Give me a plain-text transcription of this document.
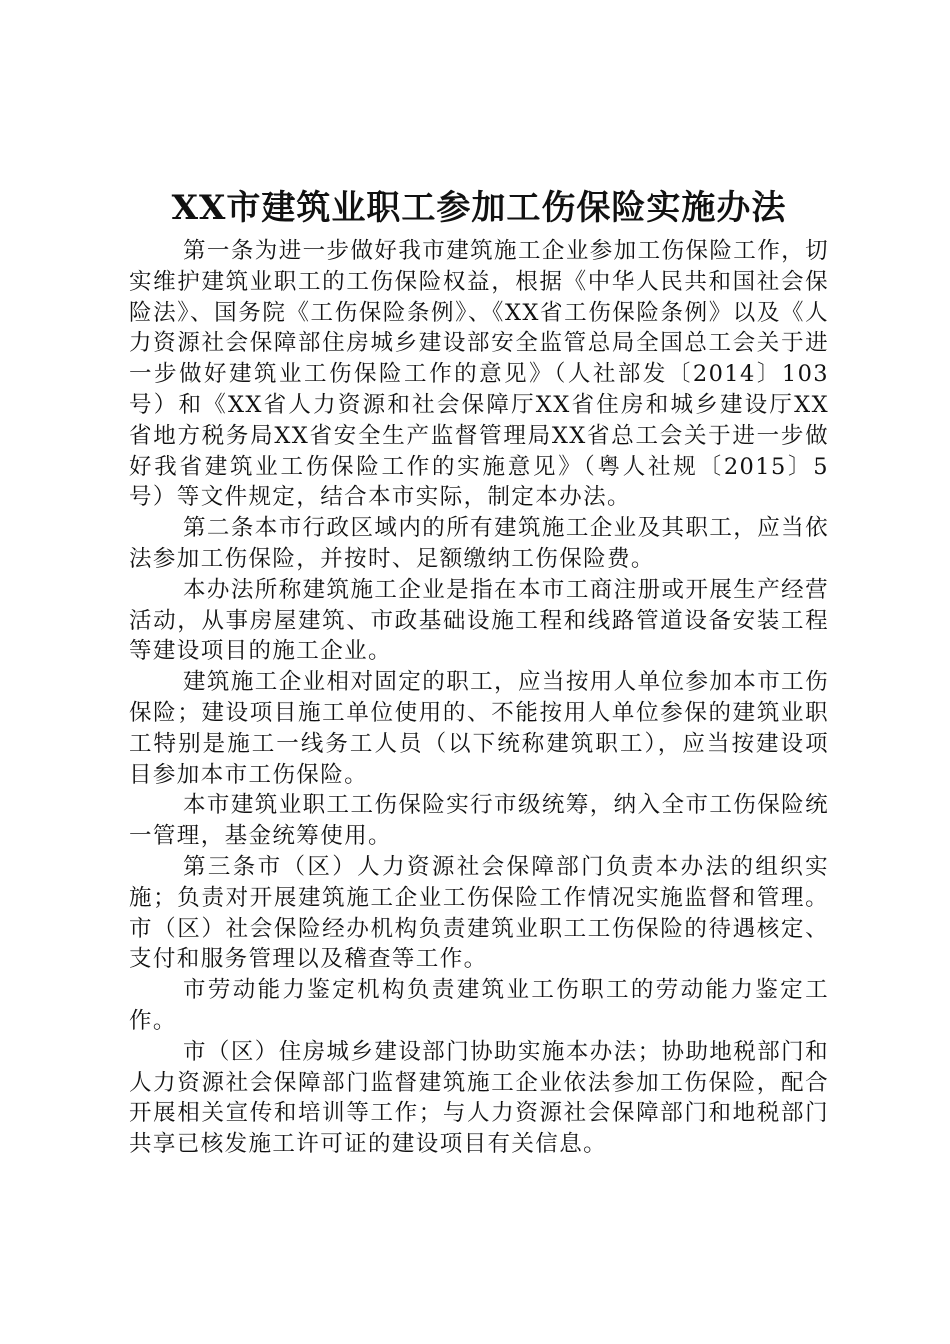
XX市建筑业职工参加工伤保险实施办法

第一条为进一步做好我市建筑施工企业参加工伤保险工作，切实维护建筑业职工的工伤保险权益，根据《中华人民共和国社会保险法》、国务院《工伤保险条例》、《XX省工伤保险条例》以及《人力资源社会保障部住房城乡建设部安全监管总局全国总工会关于进一步做好建筑业工伤保险工作的意见》（人社部发〔2014〕103号）和《XX省人力资源和社会保障厅XX省住房和城乡建设厅XX省地方税务局XX省安全生产监督管理局XX省总工会关于进一步做好我省建筑业工伤保险工作的实施意见》（粤人社规〔2015〕5号）等文件规定，结合本市实际，制定本办法。

第二条本市行政区域内的所有建筑施工企业及其职工，应当依法参加工伤保险，并按时、足额缴纳工伤保险费。

本办法所称建筑施工企业是指在本市工商注册或开展生产经营活动，从事房屋建筑、市政基础设施工程和线路管道设备安装工程等建设项目的施工企业。

建筑施工企业相对固定的职工，应当按用人单位参加本市工伤保险；建设项目施工单位使用的、不能按用人单位参保的建筑业职工特别是施工一线务工人员（以下统称建筑职工），应当按建设项目参加本市工伤保险。

本市建筑业职工工伤保险实行市级统筹，纳入全市工伤保险统一管理，基金统筹使用。

第三条市（区）人力资源社会保障部门负责本办法的组织实施；负责对开展建筑施工企业工伤保险工作情况实施监督和管理。市（区）社会保险经办机构负责建筑业职工工伤保险的待遇核定、支付和服务管理以及稽查等工作。

市劳动能力鉴定机构负责建筑业工伤职工的劳动能力鉴定工作。

市（区）住房城乡建设部门协助实施本办法；协助地税部门和人力资源社会保障部门监督建筑施工企业依法参加工伤保险，配合开展相关宣传和培训等工作；与人力资源社会保障部门和地税部门共享已核发施工许可证的建设项目有关信息。
